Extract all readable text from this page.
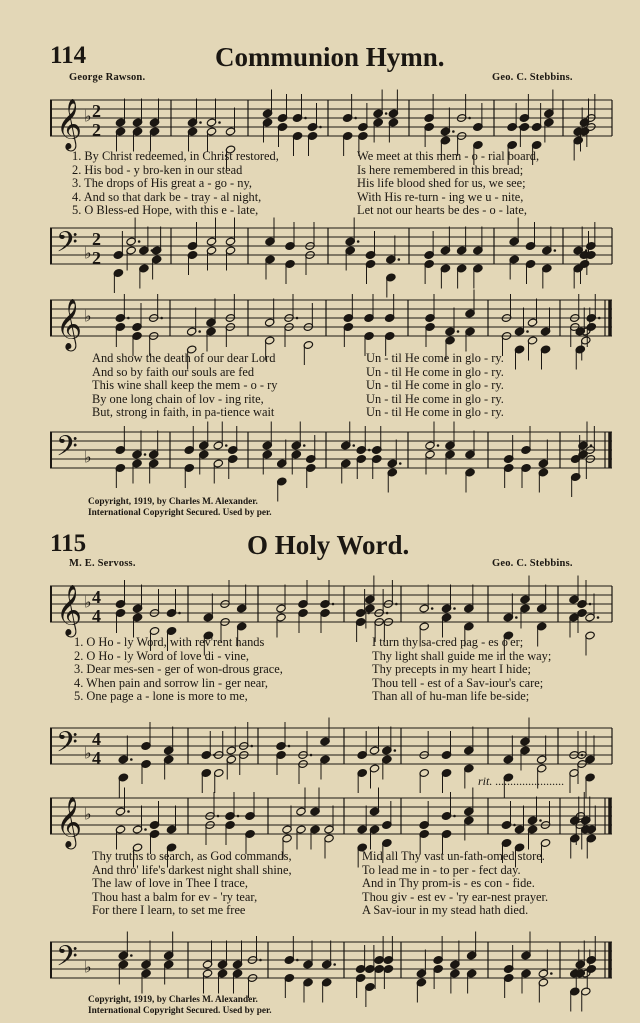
114	Communion Hymn.
George Rawson.	Geo. C. Stebbins.
𝄞 ♭ 2
2
1. By Christ redeemed, in Christ restored,
2. His bod - y bro-ken in our stead
3. The drops of His great a - go - ny,
4. And so that dark be - tray - al night,
5. O Bless-ed Hope, with this e - late,
We meet at this mem - o - rial board,
Is here remembered in this bread;
His life blood shed for us, we see;
With His re-turn - ing we u - nite,
Let not our hearts be des - o - late,
𝄢 ♭
2
2
𝄞 ♭
And show the death of our dear Lord
And so by faith our souls are fed
This wine shall keep the mem - o - ry
By one long chain of lov - ing rite,
But, strong in faith, in pa-tience wait
Un - til He come in glo - ry.
Un - til He come in glo - ry.
Un - til He come in glo - ry.
Un - til He come in glo - ry.
Un - til He come in glo - ry.
𝄢 ♭
Copyright, 1919, by Charles M. Alexander.
International Copyright Secured. Used by per.
115	O Holy Word.
M. E. Servoss.	Geo. C. Stebbins.
𝄞 ♭ 4
4
1. O Ho - ly Word, with rev'rent hands
2. O Ho - ly Word of love di - vine,
3. Dear mes-sen - ger of won-drous grace,
4. When pain and sorrow lin - ger near,
5. One page a - lone is more to me,
I turn thy sa-cred pag - es o'er;
Thy light shall guide me in the way;
Thy precepts in my heart I hide;
Thou tell - est of a Sav-iour's care;
Than all of hu-man life be-side;
𝄢 ♭
4
4
rit. .......................
𝄞 ♭
Thy truths to search, as God commands,
And thro' life's darkest night shall shine,
The law of love in Thee I trace,
Thou hast a balm for ev - 'ry tear,
For there I learn, to set me free
Mid all Thy vast un-fath-omed store.
To lead me in - to per - fect day.
And in Thy prom-is - es con - fide.
Thou giv - est ev - 'ry ear-nest prayer.
A Sav-iour in my stead hath died.
𝄢 ♭
Copyright, 1919, by Charles M. Alexander.
International Copyright Secured. Used by per.
